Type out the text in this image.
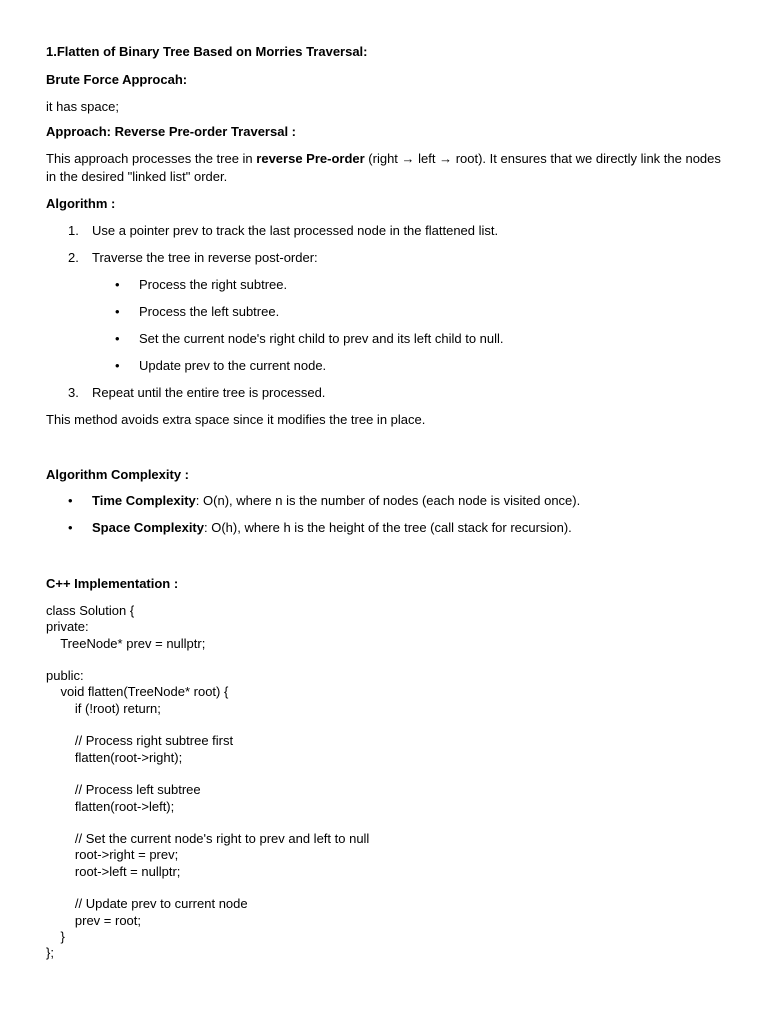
1.Flatten of Binary Tree Based on Morries Traversal:

Brute Force Approcah:

it has space;

Approach: Reverse Pre-order Traversal :

This approach processes the tree in reverse Pre-order (right → left → root). It ensures that we directly link the nodes in the desired "linked list" order.

Algorithm :

1. Use a pointer prev to track the last processed node in the flattened list.
2. Traverse the tree in reverse post-order:
• Process the right subtree.
• Process the left subtree.
• Set the current node's right child to prev and its left child to null.
• Update prev to the current node.
3. Repeat until the entire tree is processed.

This method avoids extra space since it modifies the tree in place.

Algorithm Complexity :

• Time Complexity: O(n), where n is the number of nodes (each node is visited once).
• Space Complexity: O(h), where h is the height of the tree (call stack for recursion).

C++ Implementation :

class Solution {
private:
TreeNode* prev = nullptr;

public:
void flatten(TreeNode* root) {
if (!root) return;

// Process right subtree first
flatten(root->right);

// Process left subtree
flatten(root->left);

// Set the current node's right to prev and left to null
root->right = prev;
root->left = nullptr;

// Update prev to current node
prev = root;
}
};
